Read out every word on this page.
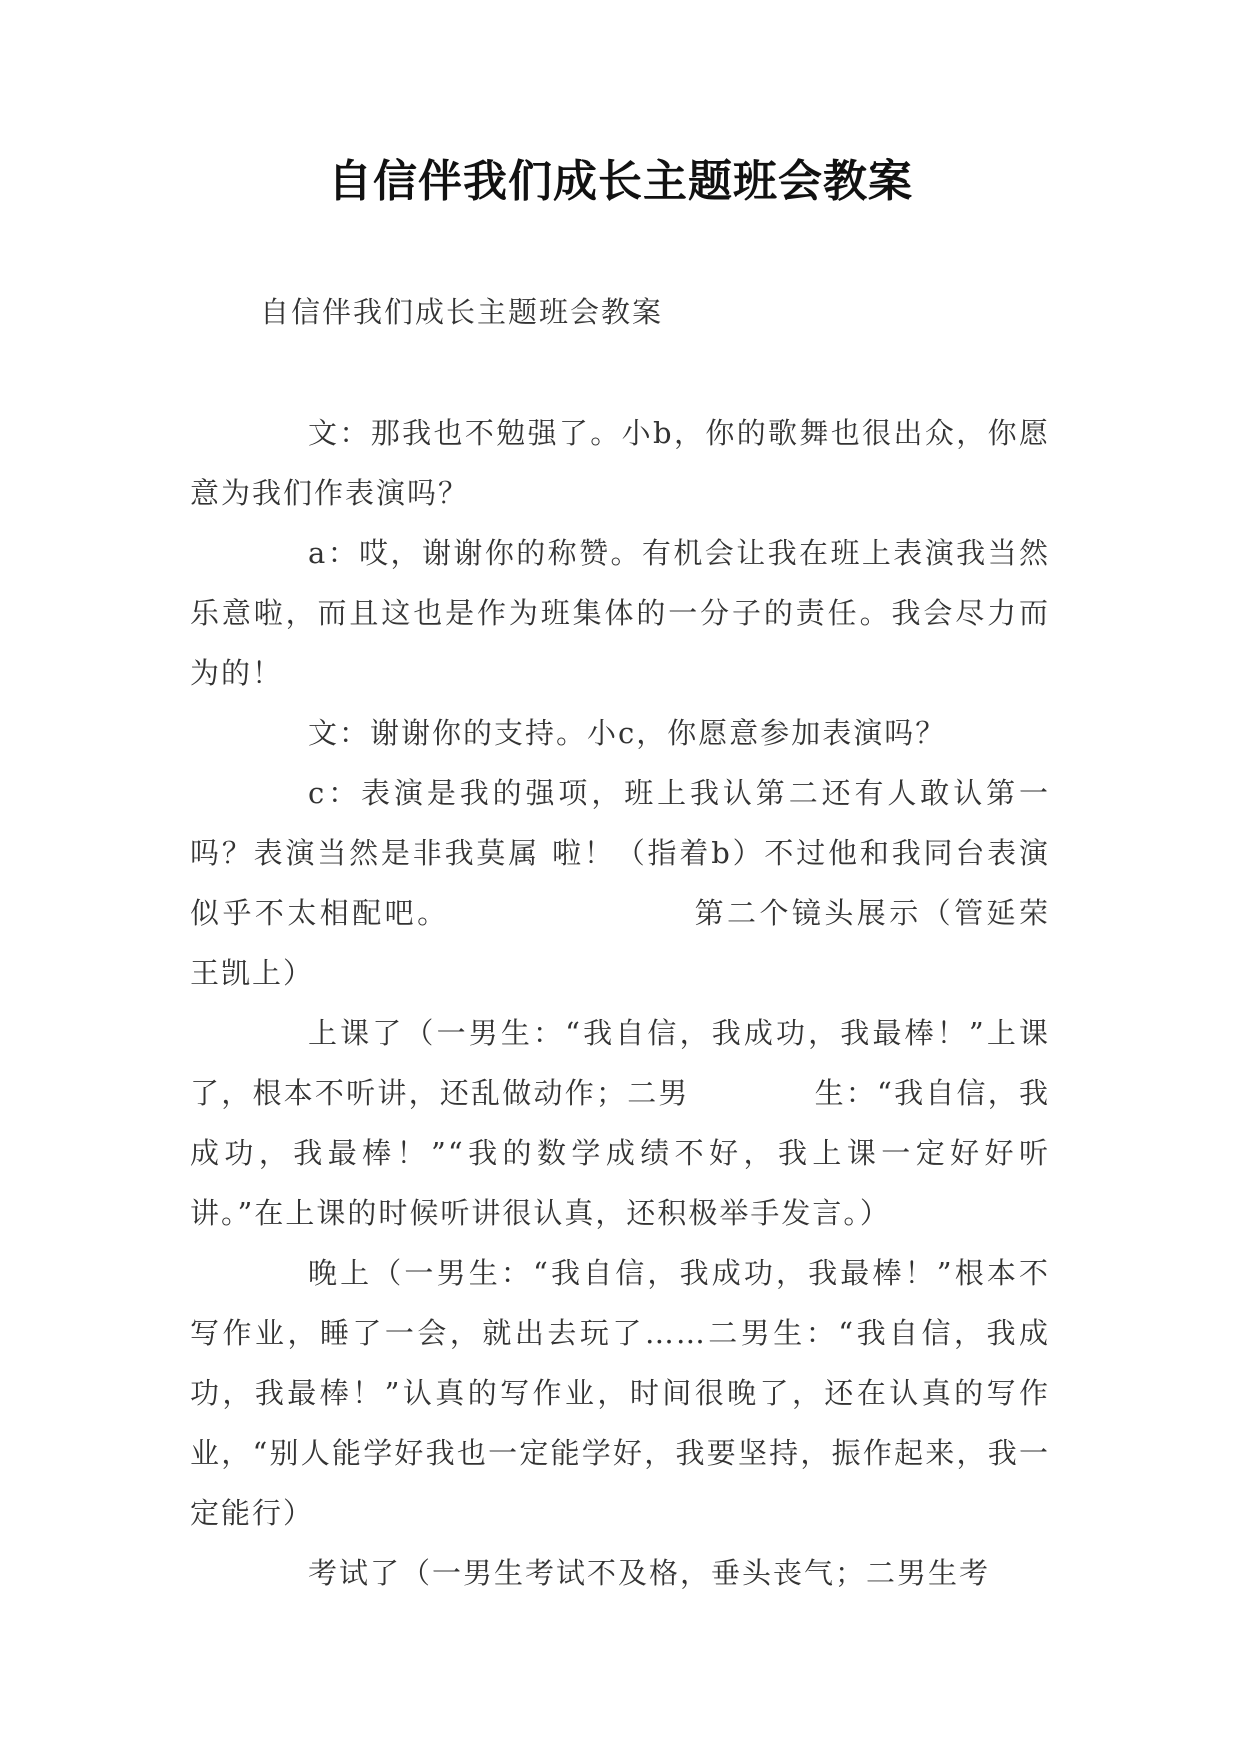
自信伴我们成长主题班会教案
自信伴我们成长主题班会教案

文：那我也不勉强了。小b，你的歌舞也很出众，你愿意为我们作表演吗？

a：哎，谢谢你的称赞。有机会让我在班上表演我当然乐意啦，而且这也是作为班集体的一分子的责任。我会尽力而为的！

文：谢谢你的支持。小c，你愿意参加表演吗？

c：表演是我的强项，班上我认第二还有人敢认第一吗？表演当然是非我莫属 啦！（指着b）不过他和我同台表演似乎不太相配吧。　　　　　　　　第二个镜头展示（管延荣　　王凯上）

上课了（一男生：“我自信，我成功，我最棒！”上课了，根本不听讲，还乱做动作；二男　　　　生：“我自信，我成功，我最棒！”“我的数学成绩不好，我上课一定好好听讲。”在上课的时候听讲很认真，还积极举手发言。）

晚上（一男生：“我自信，我成功，我最棒！”根本不写作业，睡了一会，就出去玩了……二男生：“我自信，我成功，我最棒！”认真的写作业，时间很晚了，还在认真的写作业，“别人能学好我也一定能学好，我要坚持，振作起来，我一定能行）

考试了（一男生考试不及格，垂头丧气；二男生考
